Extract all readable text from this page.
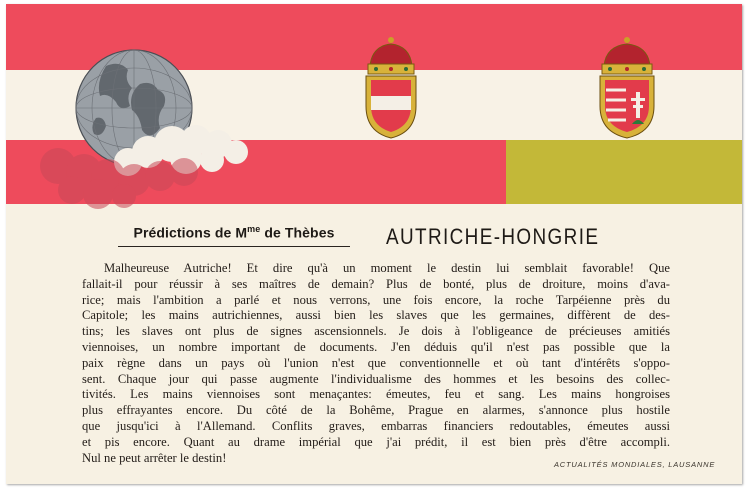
Prédictions de $M^{me}$ de Thèbes	AUTRICHE-HONGRIE
Malheureuse Autriche! Et dire qu'à un moment le destin lui semblait favorable! Que
fallait-il pour réussir à ses maîtres de demain? Plus de bonté, plus de droiture, moins d'ava-
rice; mais l'ambition a parlé et nous verrons, une fois encore, la roche Tarpéienne près du
Capitole; les mains autrichiennes, aussi bien les slaves que les germaines, diffèrent de des-
tins; les slaves ont plus de signes ascensionnels. Je dois à l'obligeance de précieuses amitiés
viennoises, un nombre important de documents. J'en déduis qu'il n'est pas possible que la
paix règne dans un pays où l'union n'est que conventionnelle et où tant d'intérêts s'oppo-
sent. Chaque jour qui passe augmente l'individualisme des hommes et les besoins des collec-
tivités. Les mains viennoises sont menaçantes: émeutes, feu et sang. Les mains hongroises
plus effrayantes encore. Du côté de la Bohême, Prague en alarmes, s'annonce plus hostile
que jusqu'ici à l'Allemand. Conflits graves, embarras financiers redoutables, émeutes aussi
et pis encore. Quant au drame impérial que j'ai prédit, il est bien près d'être accompli.
Nul ne peut arrêter le destin!	ACTUALITÉS MONDIALES, LAUSANNE
